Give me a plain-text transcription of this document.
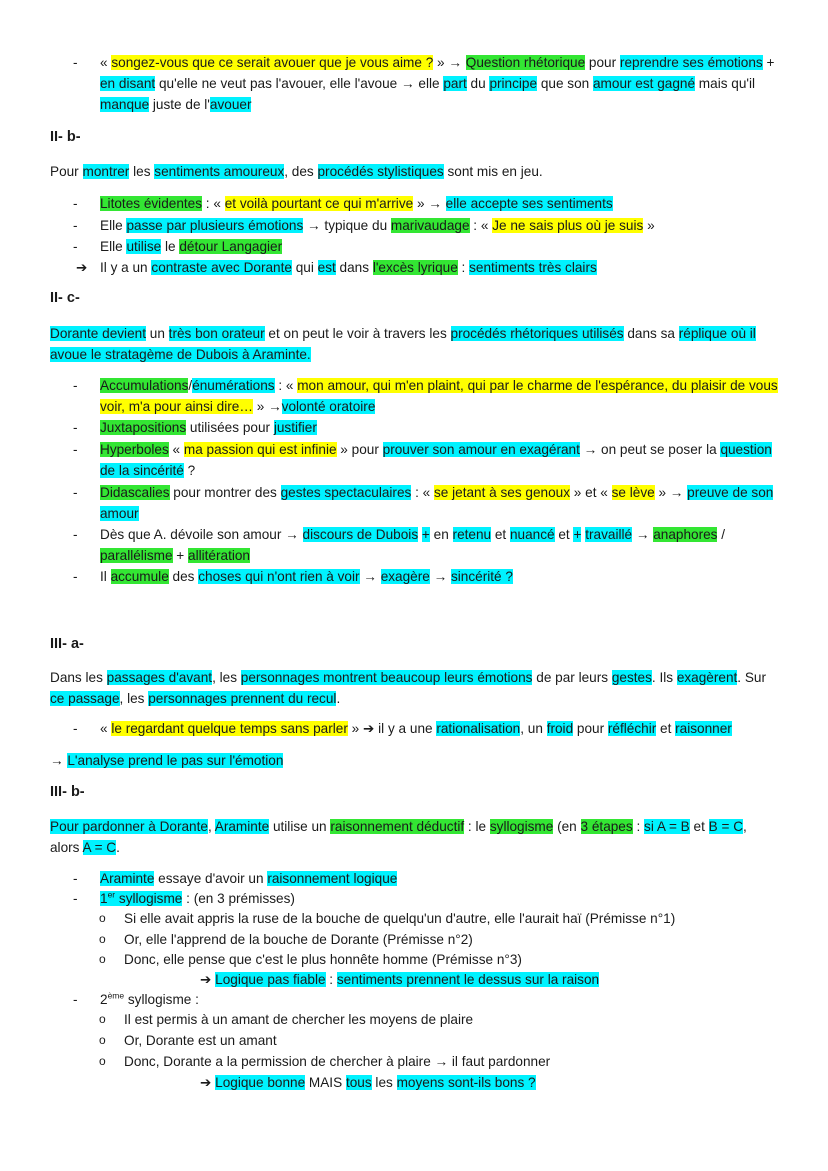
- « songez-vous que ce serait avouer que je vous aime ? » → Question rhétorique pour reprendre ses émotions + en disant qu'elle ne veut pas l'avouer, elle l'avoue → elle part du principe que son amour est gagné mais qu'il manque juste de l'avouer
II- b-
Pour montrer les sentiments amoureux, des procédés stylistiques sont mis en jeu.
- Litotes évidentes : « et voilà pourtant ce qui m'arrive » → elle accepte ses sentiments
- Elle passe par plusieurs émotions → typique du marivaudage : « Je ne sais plus où je suis »
- Elle utilise le détour Langagier
➔ Il y a un contraste avec Dorante qui est dans l'excès lyrique : sentiments très clairs
II- c-
Dorante devient un très bon orateur et on peut le voir à travers les procédés rhétoriques utilisés dans sa réplique où il avoue le stratagème de Dubois à Araminte.
- Accumulations/énumérations : « mon amour, qui m'en plaint, qui par le charme de l'espérance, du plaisir de vous voir, m'a pour ainsi dire… » →volonté oratoire
- Juxtapositions utilisées pour justifier
- Hyperboles « ma passion qui est infinie » pour prouver son amour en exagérant → on peut se poser la question de la sincérité ?
- Didascalies pour montrer des gestes spectaculaires : « se jetant à ses genoux » et « se lève » → preuve de son amour
- Dès que A. dévoile son amour → discours de Dubois + en retenu et nuancé et + travaillé → anaphores / parallélisme + allitération
- Il accumule des choses qui n'ont rien à voir → exagère → sincérité ?
III- a-
Dans les passages d'avant, les personnages montrent beaucoup leurs émotions de par leurs gestes. Ils exagèrent. Sur ce passage, les personnages prennent du recul.
- « le regardant quelque temps sans parler » ➔ il y a une rationalisation, un froid pour réfléchir et raisonner
→ L'analyse prend le pas sur l'émotion
III- b-
Pour pardonner à Dorante, Araminte utilise un raisonnement déductif : le syllogisme (en 3 étapes : si A = B et B = C, alors A = C.
- Araminte essaye d'avoir un raisonnement logique
- 1er syllogisme : (en 3 prémisses)
o Si elle avait appris la ruse de la bouche de quelqu'un d'autre, elle l'aurait haï (Prémisse n°1)
o Or, elle l'apprend de la bouche de Dorante (Prémisse n°2)
o Donc, elle pense que c'est le plus honnête homme (Prémisse n°3)
➔ Logique pas fiable : sentiments prennent le dessus sur la raison
- 2ème syllogisme :
o Il est permis à un amant de chercher les moyens de plaire
o Or, Dorante est un amant
o Donc, Dorante a la permission de chercher à plaire → il faut pardonner
➔ Logique bonne MAIS tous les moyens sont-ils bons ?
